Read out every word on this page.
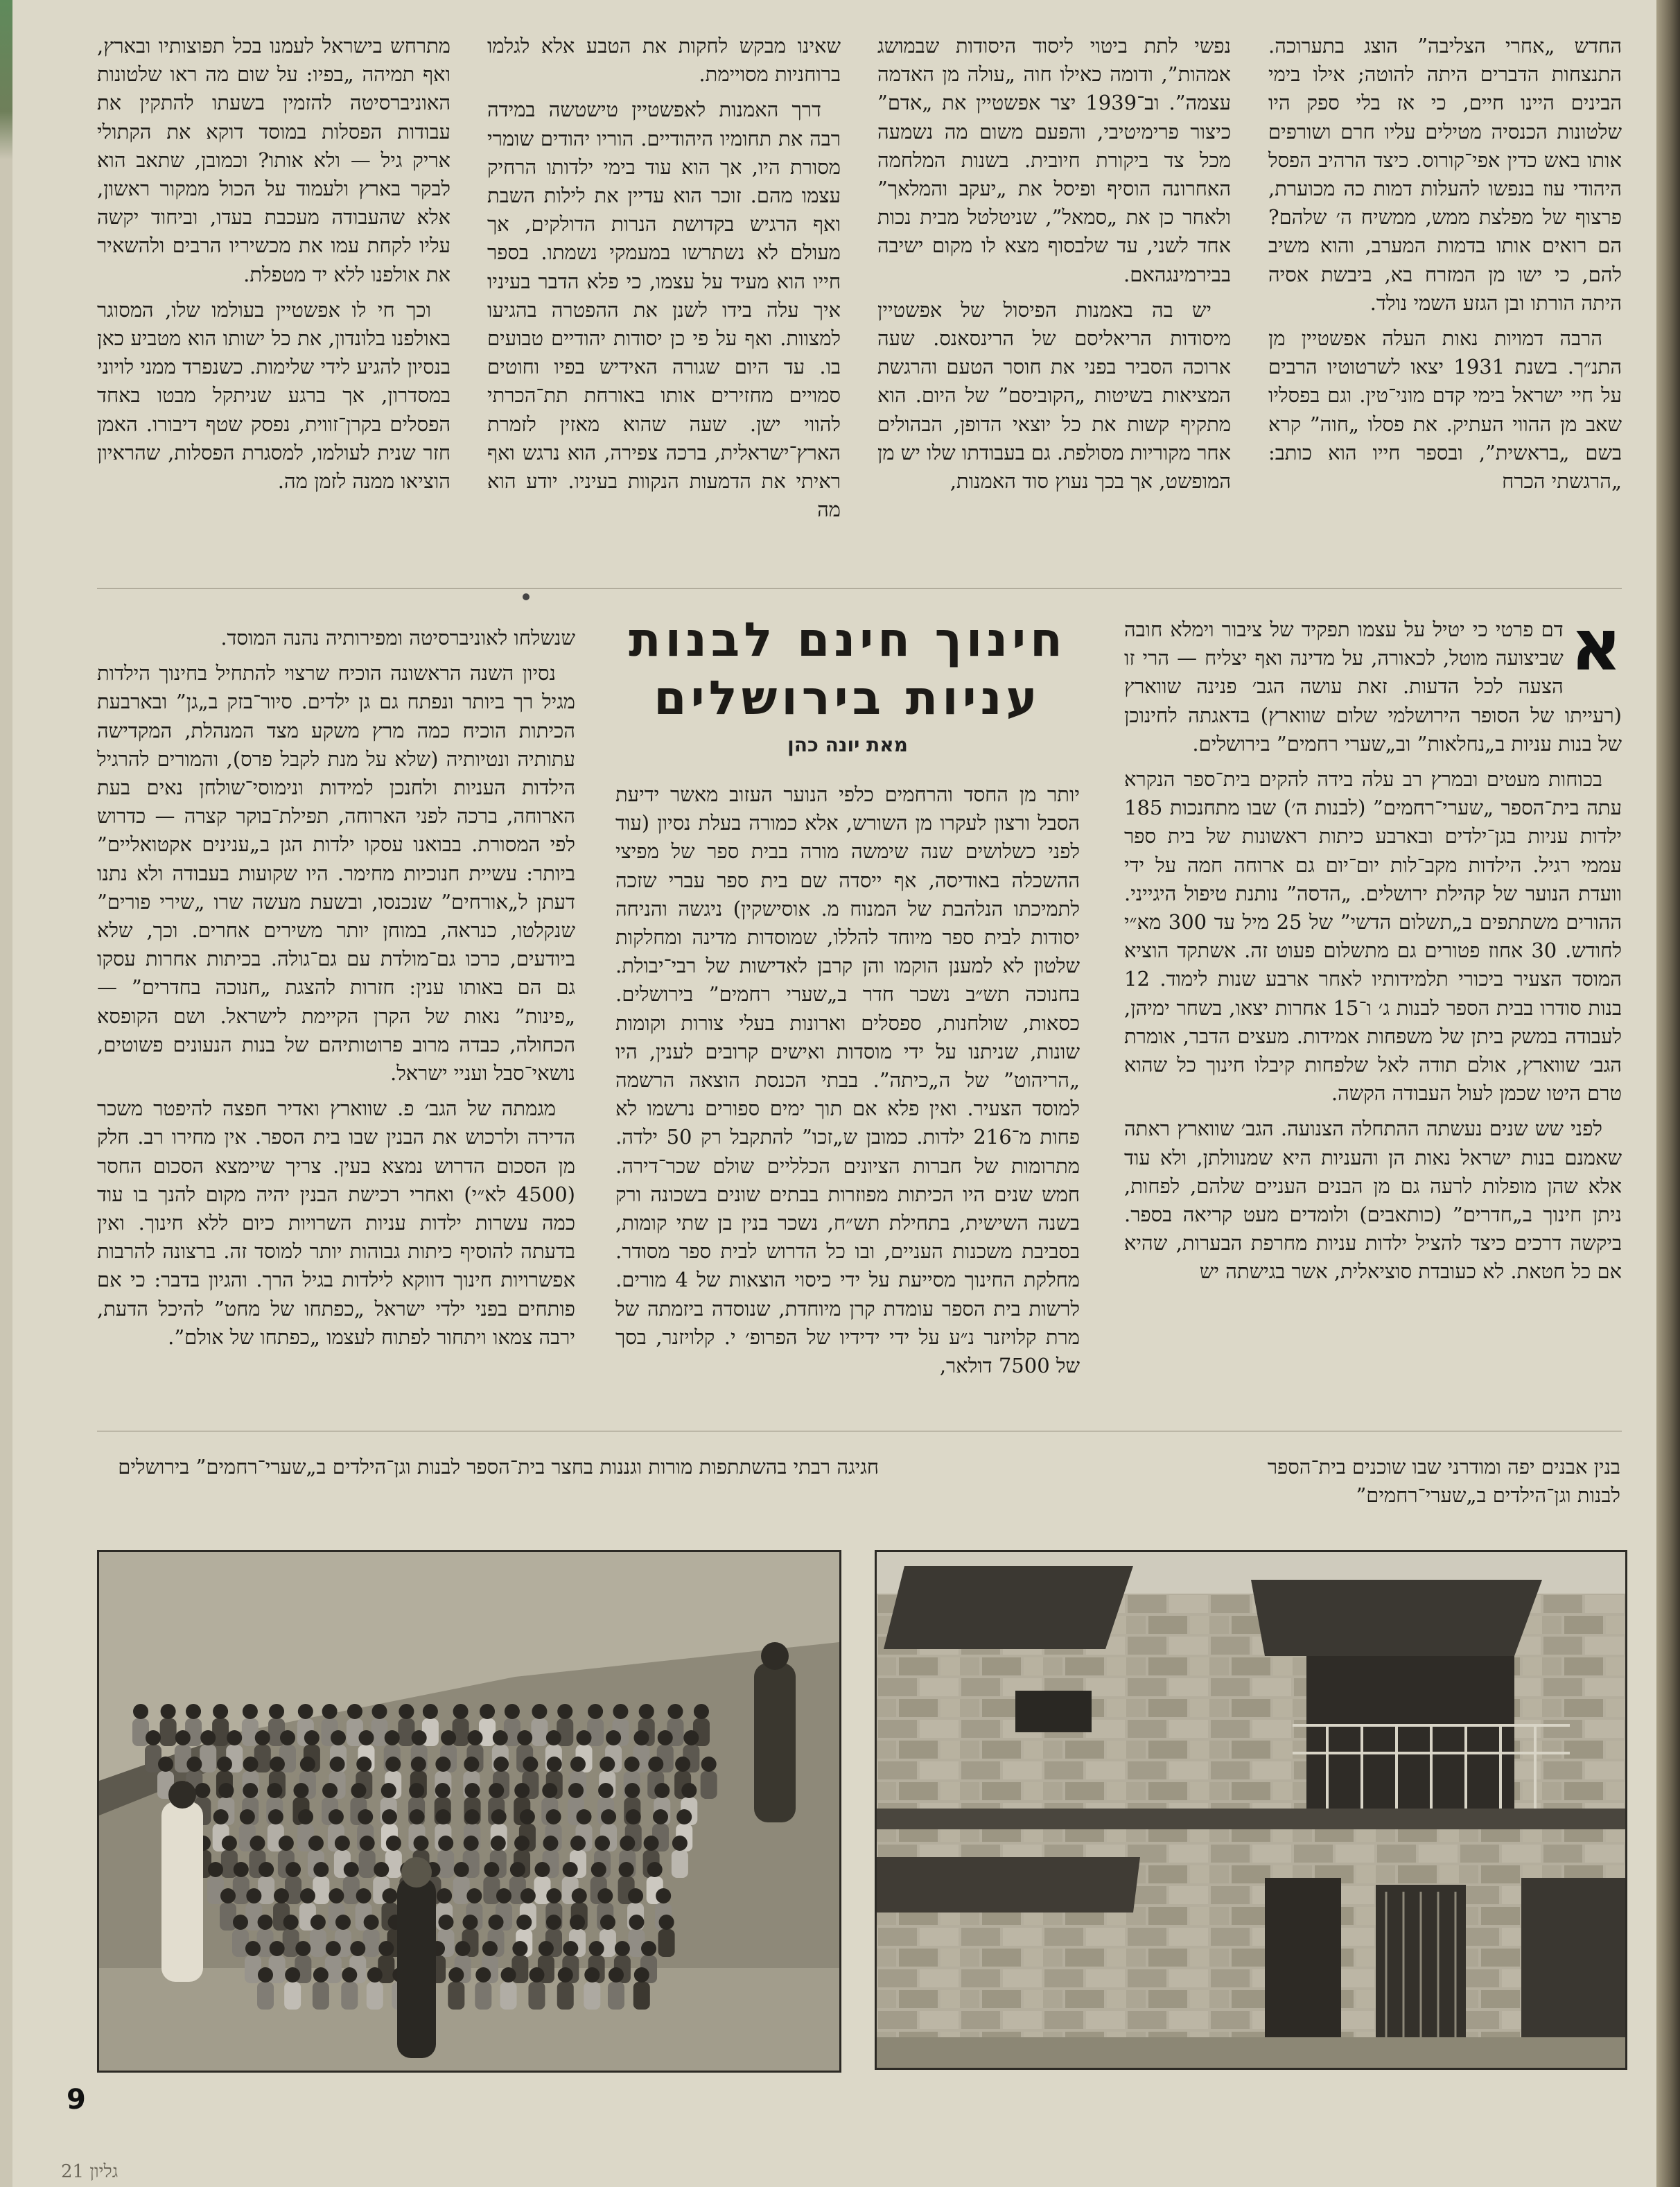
החדש „אחרי הצליבה” הוצג בתערוכה. התנצחות הדברים היתה להוטה; אילו בימי הבינים היינו חיים, כי אז בלי ספק היו שלטונות הכנסיה מטילים עליו חרם ושורפים אותו באש כדין אפי־קורוס. כיצד הרהיב הפסל היהודי עוז בנפשו להעלות דמות כה מכוערת, פרצוף של מפלצת ממש, ממשיח ה׳ שלהם? הם רואים אותו בדמות המערב, והוא משיב להם, כי ישו מן המזרח בא, ביבשת אסיה היתה הורתו ובן הגזע השמי נולד.

הרבה דמויות נאות העלה אפשטיין מן התנ״ך. בשנת 1931 יצאו לשרטוטיו הרבים על חיי ישראל בימי קדם מוני־טין. וגם בפסליו שאב מן ההווי העתיק. את פסלו „חוה” קרא בשם „בראשית”, ובספר חייו הוא כותב: „הרגשתי הכרח

נפשי לתת ביטוי ליסוד היסודות שבמושג אמהות”, ודומה כאילו חוה „עולה מן האדמה עצמה”. וב־1939 יצר אפשטיין את „אדם” כיצור פרימיטיבי, והפעם משום מה נשמעה מכל צד ביקורת חיובית. בשנות המלחמה האחרונה הוסיף ופיסל את „יעקב והמלאך” ולאחר כן את „סמאל”, שניטלטל מבית נכות אחד לשני, עד שלבסוף מצא לו מקום ישיבה בבירמינגהאם.

יש בה באמנות הפיסול של אפשטיין מיסודות הריאליסם של הרינסאנס. שעה ארוכה הסביר בפני את חוסר הטעם והרגשת המציאות בשיטות „הקוביסם” של היום. הוא מתקיף קשות את כל יוצאי הדופן, הבהולים אחר מקוריות מסולפת. גם בעבודתו שלו יש מן המופשט, אך בכך נעוץ סוד האמנות,

שאינו מבקש לחקות את הטבע אלא לגלמו ברוחניות מסויימת.

דרך האמנות לאפשטיין טישטשה במידה רבה את תחומיו היהודיים. הוריו יהודים שומרי מסורת היו, אך הוא עוד בימי ילדותו הרחיק עצמו מהם. זוכר הוא עדיין את לילות השבת ואף הרגיש בקדושת הנרות הדולקים, אך מעולם לא נשתרשו במעמקי נשמתו. בספר חייו הוא מעיד על עצמו, כי פלא הדבר בעיניו איך עלה בידו לשנן את ההפטרה בהגיעו למצוות. ואף על פי כן יסודות יהודיים טבועים בו. עד היום שגורה האידיש בפיו וחוטים סמויים מחזירים אותו באורחת תת־הכרתי להווי ישן. שעה שהוא מאזין לזמרת הארץ־ישראלית, ברכה צפירה, הוא נרגש ואף ראיתי את הדמעות הנקוות בעיניו. יודע הוא מה

מתרחש בישראל לעמנו בכל תפוצותיו ובארץ, ואף תמיהה „בפיו: על שום מה ראו שלטונות האוניברסיטה להזמין בשעתו להתקין את עבודות הפסלות במוסד דוקא את הקתולי אריק גיל — ולא אותו? וכמובן, שתאב הוא לבקר בארץ ולעמוד על הכול ממקור ראשון, אלא שהעבודה מעכבת בעדו, וביחוד יקשה עליו לקחת עמו את מכשיריו הרבים ולהשאיר את אולפנו ללא יד מטפלת.

וכך חי לו אפשטיין בעולמו שלו, המסוגר באולפנו בלונדון, את כל ישותו הוא מטביע כאן בנסיון להגיע לידי שלימות. כשנפרד ממני לויוני במסדרון, אך ברגע שניתקל מבטו באחד הפסלים בקרן־זווית, נפסק שטף דיבורו. האמן חזר שנית לעולמו, למסגרת הפסלות, שהראיון הוציאו ממנה לזמן מה.

חינוך חינם לבנות
עניות בירושלים
מאת יונה כהן

א
דם פרטי כי יטיל על עצמו תפקיד של ציבור וימלא חובה שביצועה מוטל, לכאורה, על מדינה ואף יצליח — הרי זו הצעה לכל הדעות. זאת עושה הגב׳ פנינה שווארץ (רעייתו של הסופר הירושלמי שלום שווארץ) בדאגתה לחינוכן של בנות עניות ב„נחלאות” וב„שערי רחמים” בירושלים.

בכוחות מעטים ובמרץ רב עלה בידה להקים בית־ספר הנקרא עתה בית־הספר „שערי־רחמים” (לבנות ה׳) שבו מתחנכות 185 ילדות עניות בגן־ילדים ובארבע כיתות ראשונות של בית ספר עממי רגיל. הילדות מקב־לות יום־יום גם ארוחה חמה על ידי וועדת הנוער של קהילת ירושלים. „הדסה” נותנת טיפול היגייני. ההורים משתתפים ב„תשלום הדשי” של 25 מיל עד 300 מא״י לחודש. 30 אחוז פטורים גם מתשלום פעוט זה. אשתקד הוציא המוסד הצעיר ביכורי תלמידותיו לאחר ארבע שנות לימוד. 12 בנות סודרו בבית הספר לבנות ג׳ ו־15 אחרות יצאו, בשחר ימיהן, לעבודה במשק ביתן של משפחות אמידות. מעצים הדבר, אומרת הגב׳ שווארץ, אולם תודה לאל שלפחות קיבלו חינוך כל שהוא טרם היטו שכמן לעול העבודה הקשה.

לפני שש שנים נעשתה ההתחלה הצנועה. הגב׳ שווארץ ראתה שאמנם בנות ישראל נאות הן והעניות היא שמנוולתן, ולא עוד אלא שהן מופלות לרעה גם מן הבנים העניים שלהם, לפחות, ניתן חינוך ב„חדרים” (כותאבים) ולומדים מעט קריאה בספר. ביקשה דרכים כיצד להציל ילדות עניות מחרפת הבערות, שהיא אם כל חטאת. לא כעובדת סוציאלית, אשר בגישתה יש

יותר מן החסד והרחמים כלפי הנוער העזוב מאשר ידיעת הסבל ורצון לעקרו מן השורש, אלא כמורה בעלת נסיון (עוד לפני כשלושים שנה שימשה מורה בבית ספר של מפיצי ההשכלה באודיסה, אף ייסדה שם בית ספר עברי שזכה לתמיכתו הנלהבת של המנוח מ. אוסישקין) ניגשה והניחה יסודות לבית ספר מיוחד להללו, שמוסדות מדינה ומחלקות שלטון לא למענן הוקמו והן קרבן לאדישות של רבי־יבולת. בחנוכה תש״ב נשכר חדר ב„שערי רחמים” בירושלים. כסאות, שולחנות, ספסלים וארונות בעלי צורות וקומות שונות, שניתנו על ידי מוסדות ואישים קרובים לענין, היו „הריהוט” של ה„כיתה”. בבתי הכנסת הוצאה הרשמה למוסד הצעיר. ואין פלא אם תוך ימים ספורים נרשמו לא פחות מ־216 ילדות. כמובן ש„זכו” להתקבל רק 50 ילדה. מתרומות של חברות הציונים הכלליים שולם שכר־דירה. חמש שנים היו הכיתות מפוזרות בבתים שונים בשכונה ורק בשנה השישית, בתחילת תש״ח, נשכר בנין בן שתי קומות, בסביבת משכנות העניים, ובו כל הדרוש לבית ספר מסודר. מחלקת החינוך מסייעת על ידי כיסוי הוצאות של 4 מורים. לרשות בית הספר עומדת קרן מיוחדת, שנוסדה ביזמתה של מרת קלויזנר נ״ע על ידי ידידיו של הפרופ׳ י. קלויזנר, בסך של 7500 דולאר,

שנשלחו לאוניברסיטה ומפירותיה נהנה המוסד.

נסיון השנה הראשונה הוכיח שרצוי להתחיל בחינוך הילדות מגיל רך ביותר ונפתח גם גן ילדים. סיור־בזק ב„גן” ובארבעת הכיתות הוכיח כמה מרץ משקע מצד המנהלת, המקדישה עתותיה ונטיותיה (שלא על מנת לקבל פרס), והמורים להרגיל הילדות העניות ולחנכן למידות ונימוסי־שולחן נאים בעת הארוחה, ברכה לפני הארוחה, תפילת־בוקר קצרה — כדרוש לפי המסורת. בבואנו עסקו ילדות הגן ב„ענינים אקטואליים” ביותר: עשיית חנוכיות מחימר. היו שקועות בעבודה ולא נתנו דעתן ל„אורחים” שנכנסו, ובשעת מעשה שרו „שירי פורים” שנקלטו, כנראה, במוחן יותר משירים אחרים. וכך, שלא ביודעים, כרכו גם־מולדת עם גם־גולה. בכיתות אחרות עסקו גם הם באותו ענין: חזרות להצגת „חנוכה בחדרים” — „פינות” נאות של הקרן הקיימת לישראל. ושם הקופסא הכחולה, כבדה מרוב פרוטותיהם של בנות הנעונים פשוטים, נושאי־סבל ועניי ישראל.

מגמתה של הגב׳ פ. שווארץ ואדיר חפצה להיפטר משכר הדירה ולרכוש את הבנין שבו בית הספר. אין מחירו רב. חלק מן הסכום הדרוש נמצא בעין. צריך שיימצא הסכום החסר (4500 לא״י) ואחרי רכישת הבנין יהיה מקום להנך בו עוד כמה עשרות ילדות עניות השרויות כיום ללא חינוך. ואין בדעתה להוסיף כיתות גבוהות יותר למוסד זה. ברצונה להרבות אפשרויות חינוך דווקא לילדות בגיל הרך. והגיון בדבר: כי אם פותחים בפני ילדי ישראל „כפתחו של מחט” להיכל הדעת, ירבה צמאו ויתחור לפתוח לעצמו „כפתחו של אולם”.

בנין אבנים יפה ומודרני שבו שוכנים בית־הספר לבנות וגן־הילדים ב„שערי־רחמים”
חגיגה רבתי בהשתתפות מורות וגננות בחצר בית־הספר לבנות וגן־הילדים ב„שערי־רחמים” בירושלים
9
גליון 21
